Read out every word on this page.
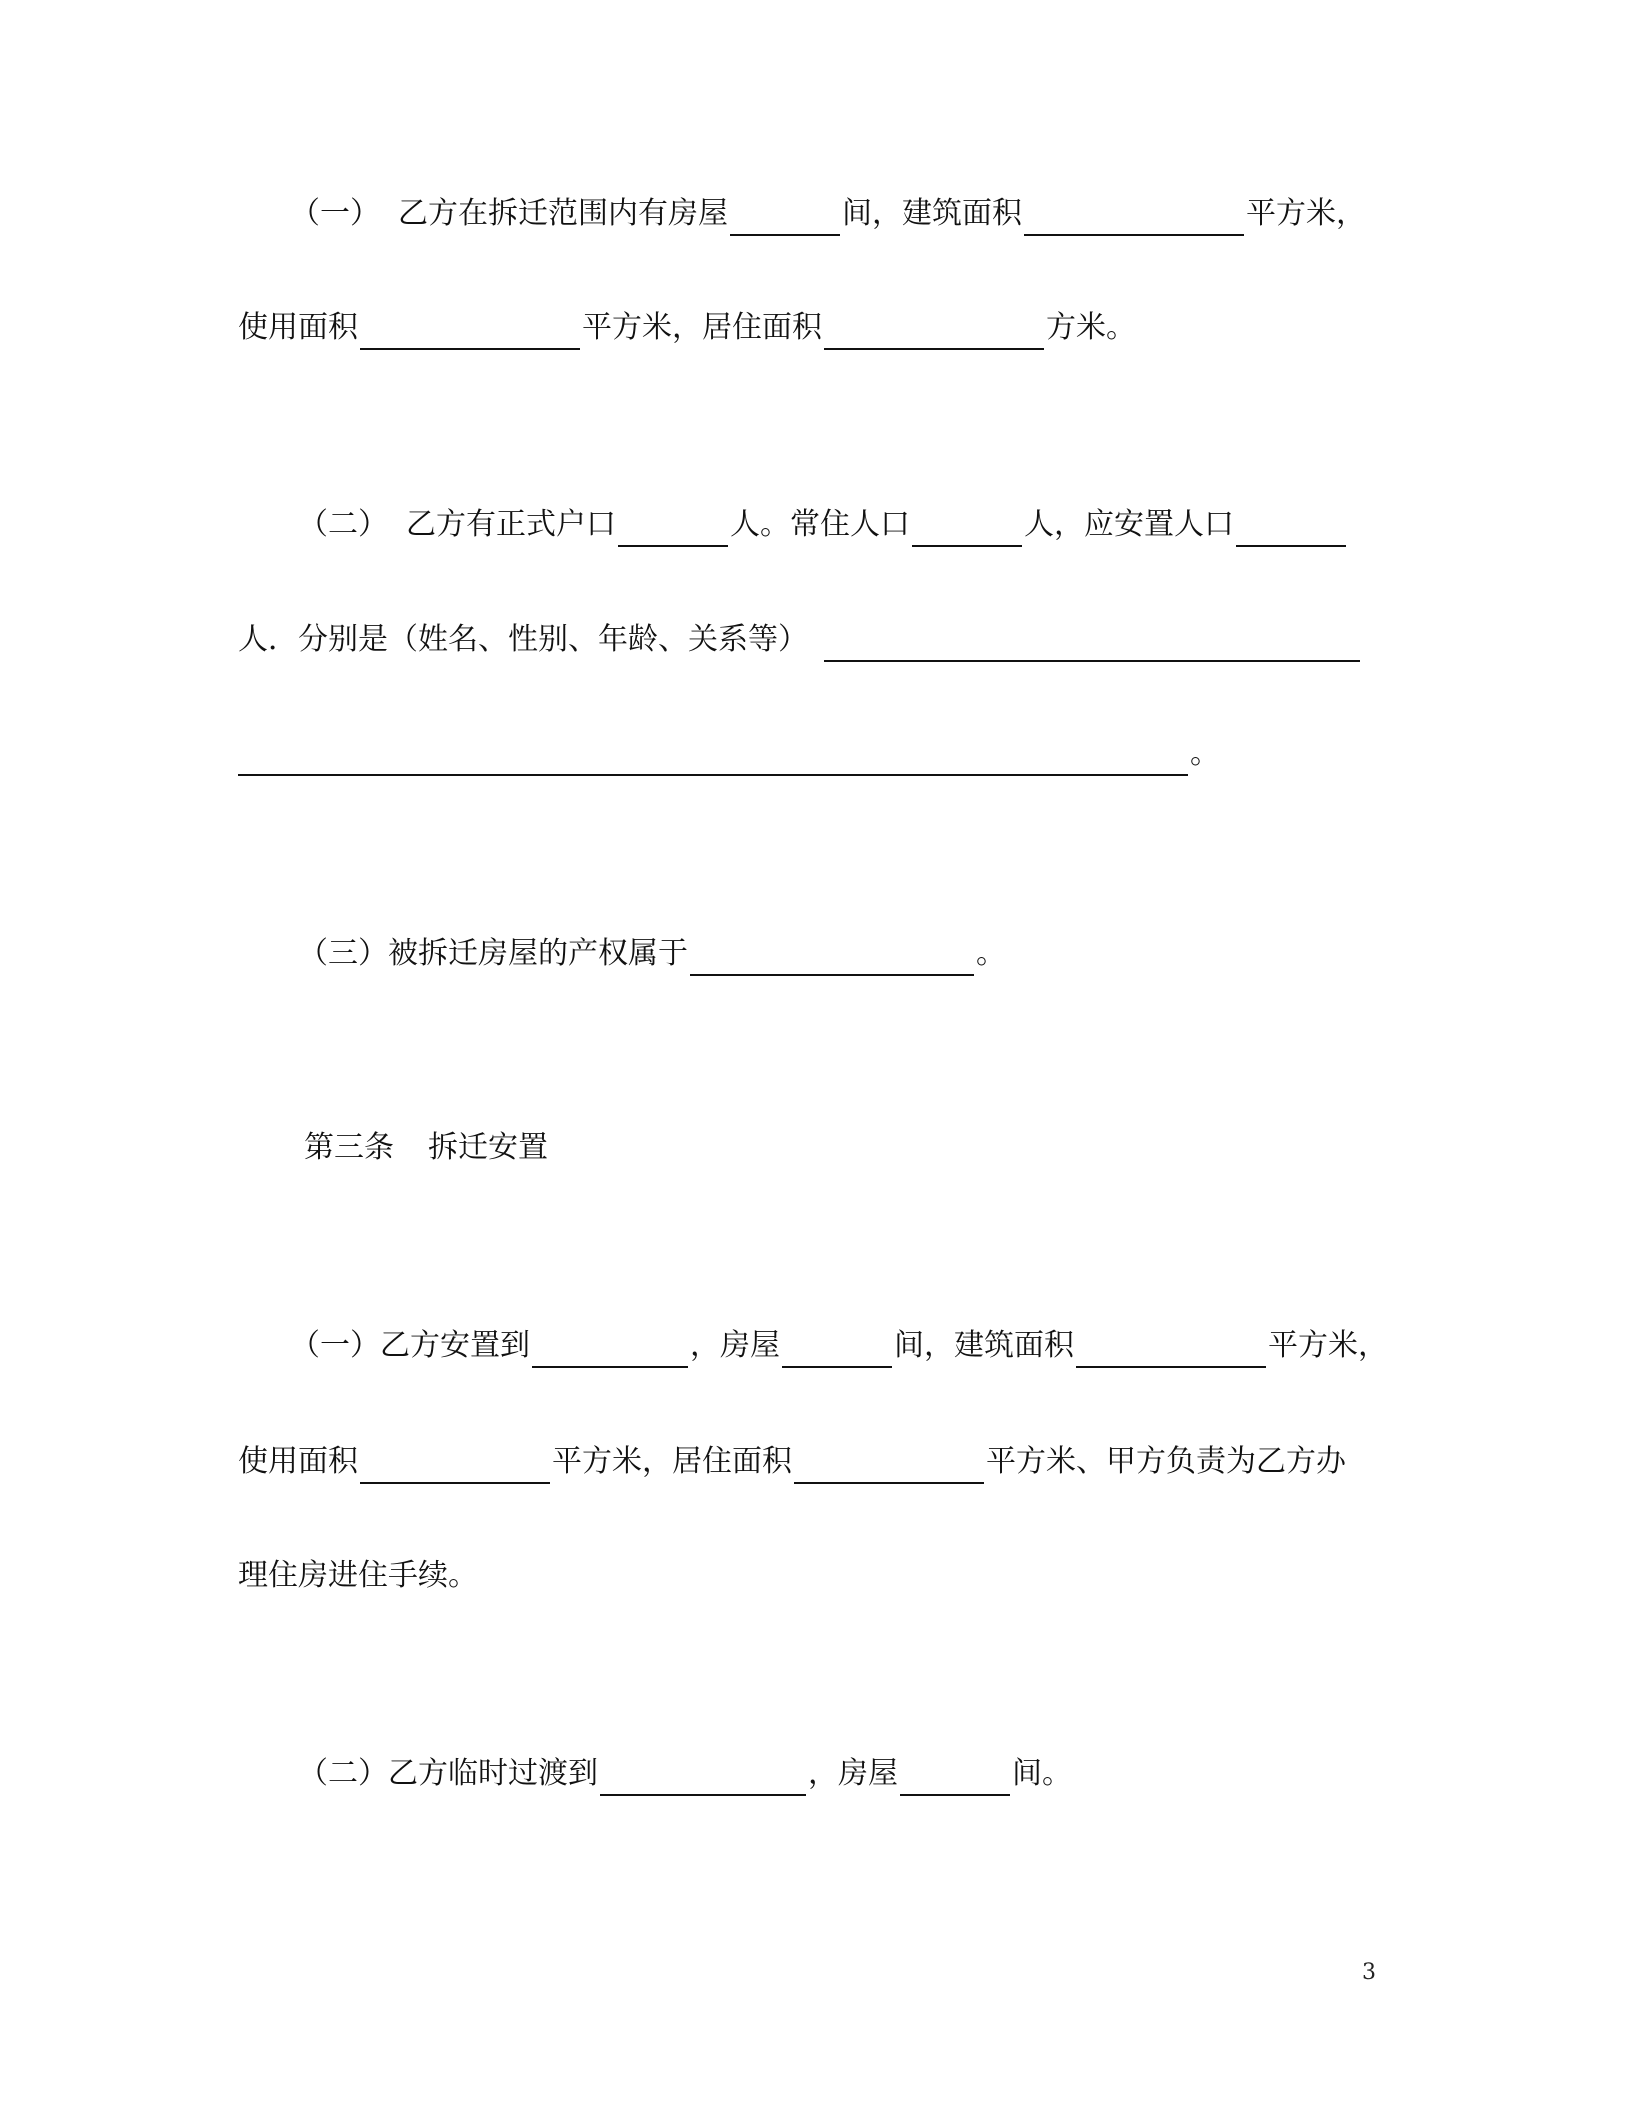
（一） 乙方在拆迁范围内有房屋	间，建筑面积	平方米，
使用面积	平方米，居住面积	方米。
（二） 乙方有正式户口	人。常住人口	人，应安置人口
人．分别是（姓名、性别、年龄、关系等）
。
（三）被拆迁房屋的产权属于	。
第三条 拆迁安置
（一）乙方安置到	，房屋	间，建筑面积	平方米，
使用面积	平方米，居住面积	平方米、甲方负责为乙方办
理住房进住手续。
（二）乙方临时过渡到	，房屋	间。
3
